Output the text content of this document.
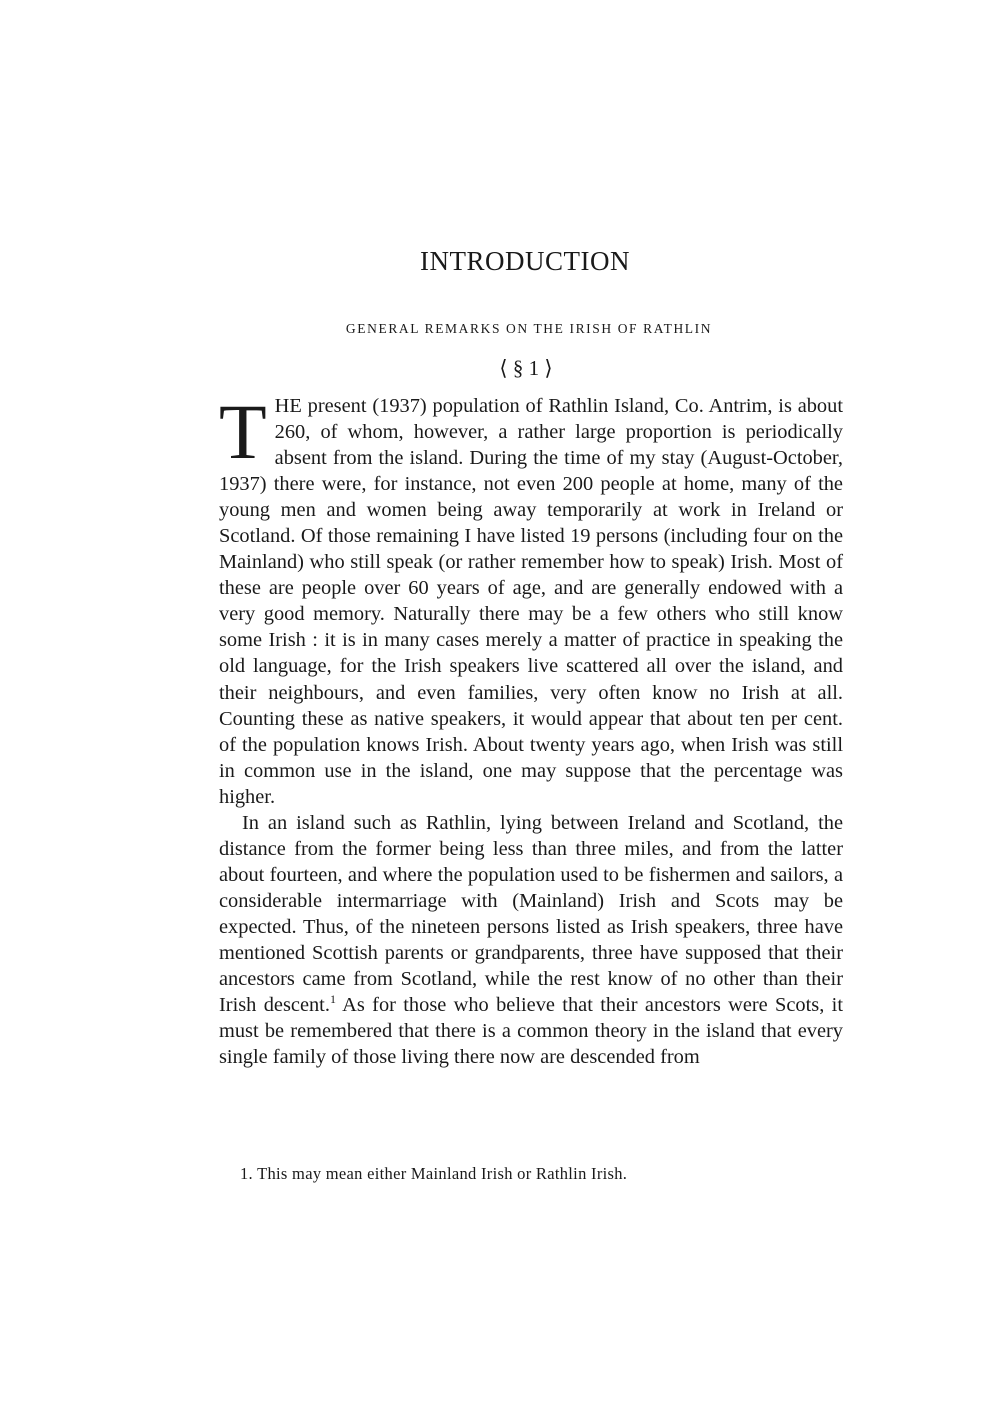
INTRODUCTION
GENERAL REMARKS ON THE IRISH OF RATHLIN
⟨ § 1 ⟩

THE present (1937) population of Rathlin Island, Co. Antrim, is about 260, of whom, however, a rather large proportion is periodically absent from the island. During the time of my stay (August-October, 1937) there were, for instance, not even 200 people at home, many of the young men and women being away temporarily at work in Ireland or Scotland. Of those remaining I have listed 19 persons (including four on the Mainland) who still speak (or rather remember how to speak) Irish. Most of these are people over 60 years of age, and are generally endowed with a very good memory. Naturally there may be a few others who still know some Irish : it is in many cases merely a matter of practice in speaking the old language, for the Irish speakers live scattered all over the island, and their neighbours, and even families, very often know no Irish at all. Counting these as native speakers, it would appear that about ten per cent. of the population knows Irish. About twenty years ago, when Irish was still in common use in the island, one may suppose that the percentage was higher.

In an island such as Rathlin, lying between Ireland and Scotland, the distance from the former being less than three miles, and from the latter about fourteen, and where the population used to be fishermen and sailors, a considerable intermarriage with (Mainland) Irish and Scots may be expected. Thus, of the nineteen persons listed as Irish speakers, three have mentioned Scottish parents or grandparents, three have supposed that their ancestors came from Scotland, while the rest know of no other than their Irish descent.$^1$ As for those who believe that their ancestors were Scots, it must be remembered that there is a common theory in the island that every single family of those living there now are descended from

1. This may mean either Mainland Irish or Rathlin Irish.
